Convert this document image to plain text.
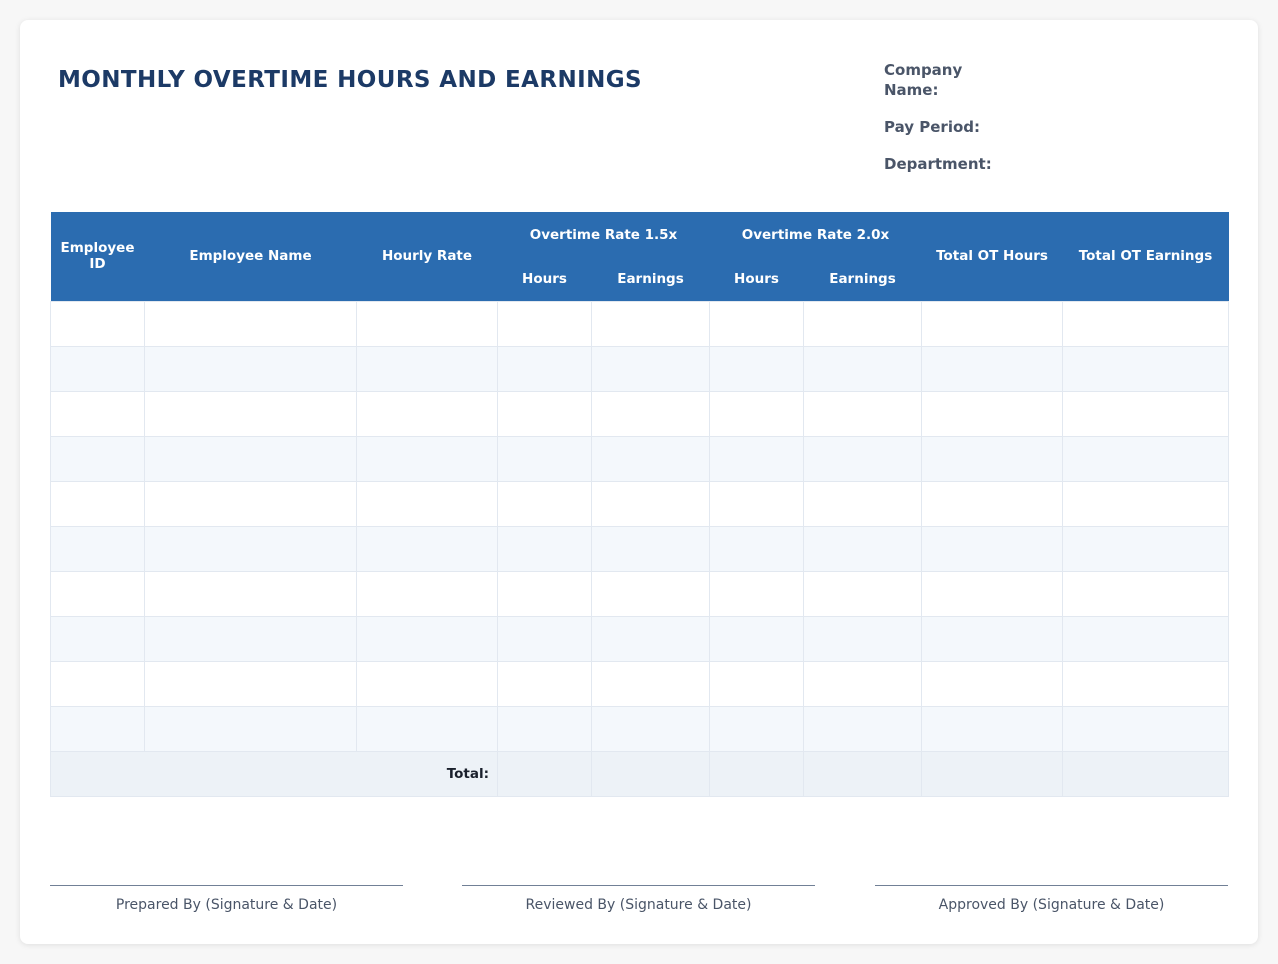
MONTHLY OVERTIME HOURS AND EARNINGS	Company Name:
Pay Period:
Department:
Employee ID	Employee Name	Hourly Rate	Overtime Rate 1.5x		Overtime Rate 2.0x		Total OT Hours	Total OT Earnings
			Hours	Earnings	Hours	Earnings		

Total:								
Prepared By (Signature & Date)	Reviewed By (Signature & Date)	Approved By (Signature & Date)
